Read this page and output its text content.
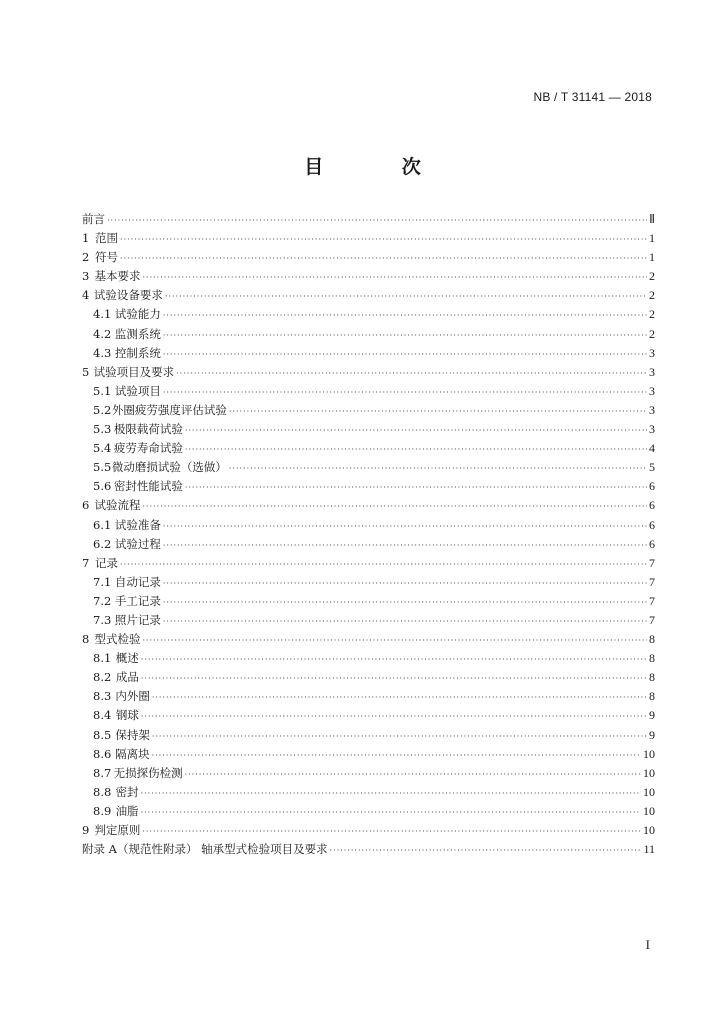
NB / T 31141 — 2018
目 次
前言 ·····	Ⅱ
1 范围 ·····	1
2 符号 ·····	1
3 基本要求 ·····	2
4 试验设备要求 ·····	2
4.1 试验能力 ·····	2
4.2 监测系统 ·····	2
4.3 控制系统 ·····	3
5 试验项目及要求 ·····	3
5.1 试验项目 ·····	3
5.2 外圈疲劳强度评估试验 ·····	3
5.3 极限载荷试验 ·····	3
5.4 疲劳寿命试验 ·····	4
5.5 微动磨损试验（选做） ·····	5
5.6 密封性能试验 ·····	6
6 试验流程 ·····	6
6.1 试验准备 ·····	6
6.2 试验过程 ·····	6
7 记录 ·····	7
7.1 自动记录 ·····	7
7.2 手工记录 ·····	7
7.3 照片记录 ·····	7
8 型式检验 ·····	8
8.1 概述 ·····	8
8.2 成品 ·····	8
8.3 内外圈 ·····	8
8.4 钢球 ·····	9
8.5 保持架 ·····	9
8.6 隔离块 ·····	10
8.7 无损探伤检测 ·····	10
8.8 密封 ·····	10
8.9 油脂 ·····	10
9 判定原则 ·····	10
附录 A（规范性附录） 轴承型式检验项目及要求 ·····	11
I
